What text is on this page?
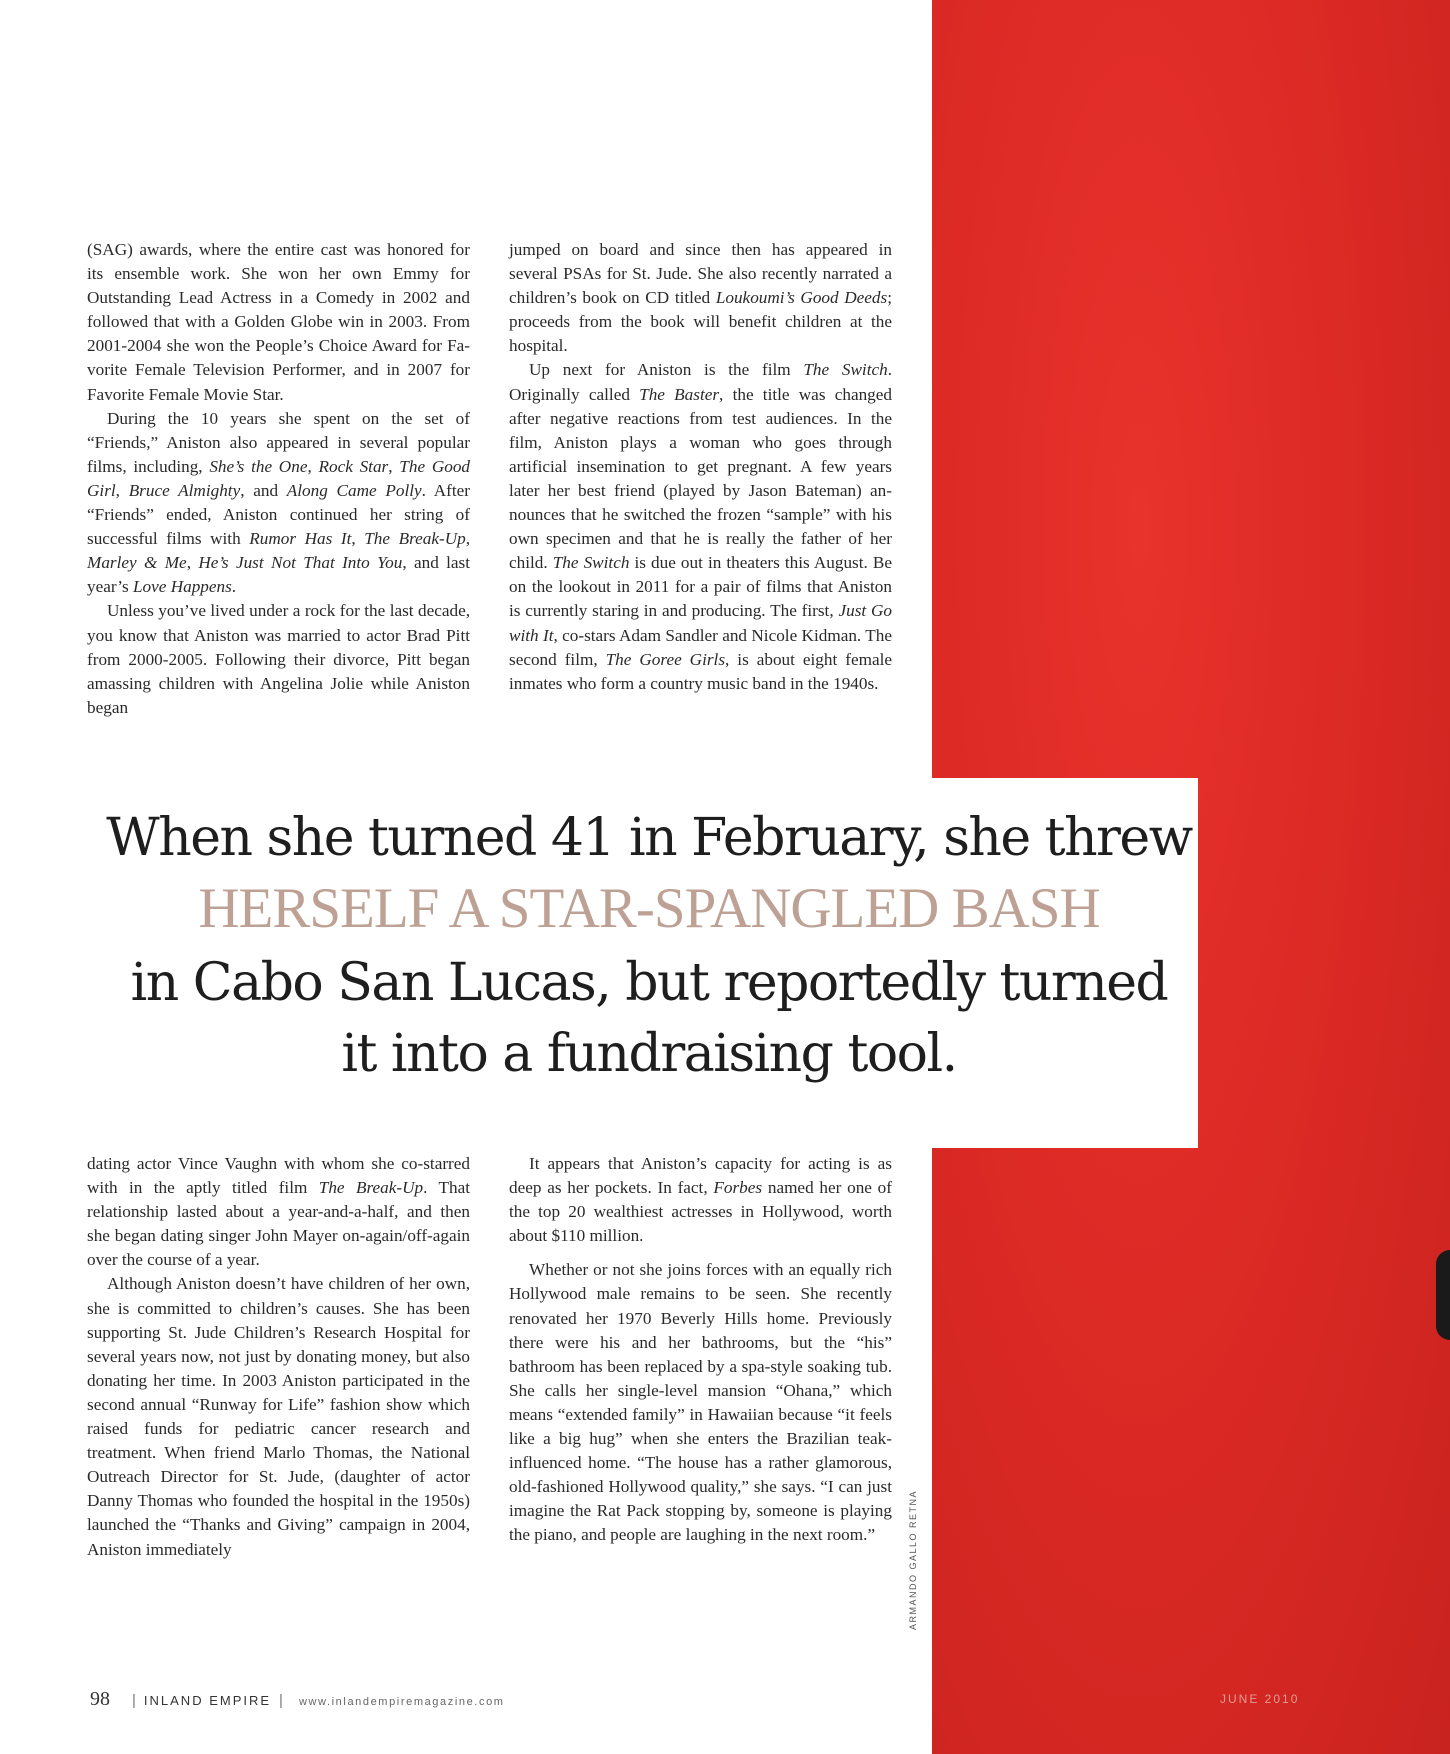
ARMANDO GALLO RETNA

(SAG) awards, where the entire cast was honored for its ensemble work. She won her own Emmy for Outstanding Lead Actress in a Comedy in 2002 and followed that with a Golden Globe win in 2003. From 2001-2004 she won the People’s Choice Award for Favorite Female Television Performer, and in 2007 for Favorite Female Movie Star.

During the 10 years she spent on the set of “Friends,” Aniston also appeared in several popular films, including, She’s the One, Rock Star, The Good Girl, Bruce Almighty, and Along Came Polly. After “Friends” ended, Aniston continued her string of successful films with Rumor Has It, The Break-Up, Marley & Me, He’s Just Not That Into You, and last year’s Love Happens.

Unless you’ve lived under a rock for the last decade, you know that Aniston was married to actor Brad Pitt from 2000-2005. Following their divorce, Pitt began amassing children with Angelina Jolie while Aniston began

jumped on board and since then has appeared in several PSAs for St. Jude. She also recently narrated a children’s book on CD titled Loukoumi’s Good Deeds; proceeds from the book will benefit children at the hospital.

Up next for Aniston is the film The Switch. Originally called The Baster, the title was changed after negative reactions from test audiences. In the film, Aniston plays a woman who goes through artificial insemination to get pregnant. A few years later her best friend (played by Jason Bateman) announces that he switched the frozen “sample” with his own specimen and that he is really the father of her child. The Switch is due out in theaters this August. Be on the lookout in 2011 for a pair of films that Aniston is currently staring in and producing. The first, Just Go with It, co-stars Adam Sandler and Nicole Kidman. The second film, The Goree Girls, is about eight female inmates who form a country music band in the 1940s.

When she turned 41 in February, she threw
HERSELF A STAR-SPANGLED BASH
in Cabo San Lucas, but reportedly turned
it into a fundraising tool.

dating actor Vince Vaughn with whom she co-starred with in the aptly titled film The Break-Up. That relationship lasted about a year-and-a-half, and then she began dating singer John Mayer on-again/off-again over the course of a year.

Although Aniston doesn’t have children of her own, she is committed to children’s causes. She has been supporting St. Jude Children’s Research Hospital for several years now, not just by donating money, but also donating her time. In 2003 Aniston participated in the second annual “Runway for Life” fashion show which raised funds for pediatric cancer research and treatment. When friend Marlo Thomas, the National Outreach Director for St. Jude, (daughter of actor Danny Thomas who founded the hospital in the 1950s) launched the “Thanks and Giving” campaign in 2004, Aniston immediately

It appears that Aniston’s capacity for acting is as deep as her pockets. In fact, Forbes named her one of the top 20 wealthiest actresses in Hollywood, worth about $110 million.

Whether or not she joins forces with an equally rich Hollywood male remains to be seen. She recently renovated her 1970 Beverly Hills home. Previously there were his and her bathrooms, but the “his” bathroom has been replaced by a spa-style soaking tub. She calls her single-level mansion “Ohana,” which means “extended family” in Hawaiian because “it feels like a big hug” when she enters the Brazilian teak-influenced home. “The house has a rather glamorous, old-fashioned Hollywood quality,” she says. “I can just imagine the Rat Pack stopping by, someone is playing the piano, and people are laughing in the next room.”

98 | INLAND EMPIRE | www.inlandempiremagazine.com	JUNE 2010
